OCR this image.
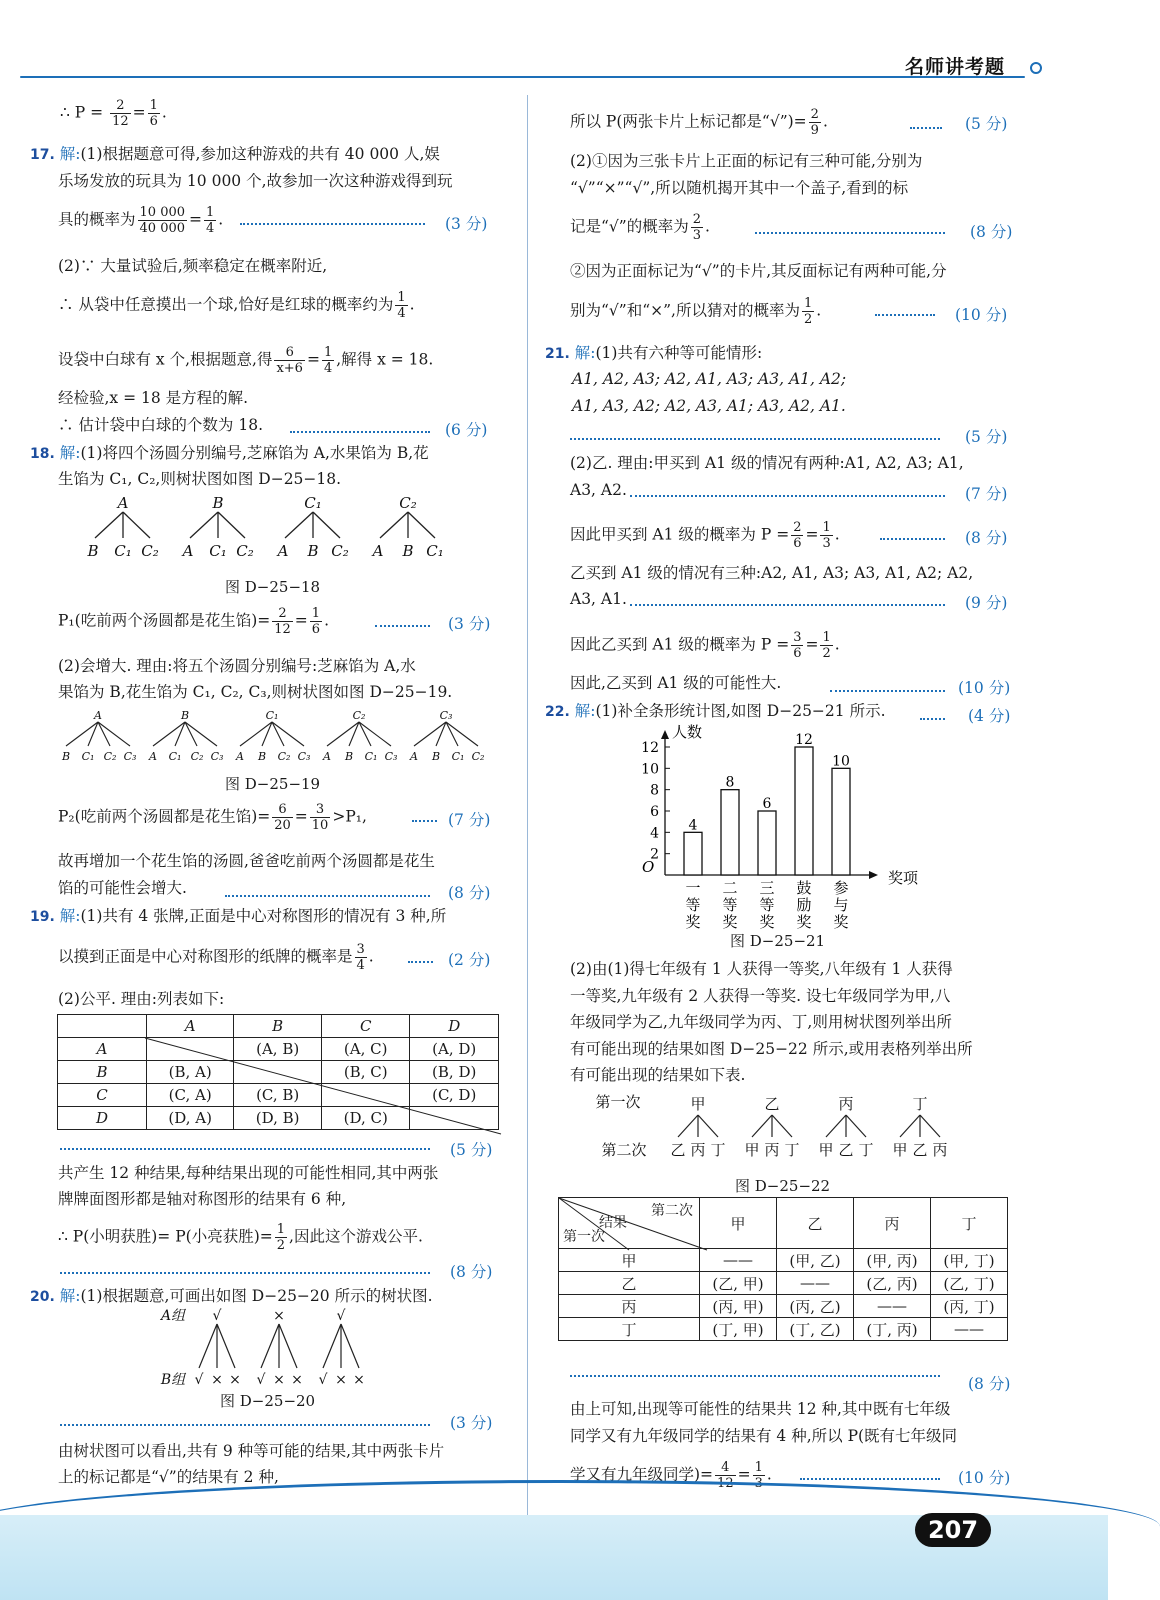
名师讲考题
∴ $P = \frac{2}{12} = \frac{1}{6}$ .
17. 解:(1)根据题意可得,参加这种游戏的共有 40 000 人,娱
乐场发放的玩具为 10 000 个,故参加一次这种游戏得到玩
具的概率为 $\frac{10 000}{40 000} = \frac{1}{4}$ .	(3 分)
(2)∵ 大量试验后,频率稳定在概率附近,
∴ 从袋中任意摸出一个球,恰好是红球的概率约为 $\frac{1}{4}$ .
设袋中白球有 x 个,根据题意,得 $\frac{6}{x+6} = \frac{1}{4}$ ,解得 x = 18.
经检验,x = 18 是方程的解.
∴ 估计袋中白球的个数为 18.	(6 分)
18. 解:(1)将四个汤圆分别编号,芝麻馅为 A,水果馅为 B,花
生馅为 C₁, C₂,则树状图如图 D−25−18.
A	B	C₁	C₂
B C₁ C₂ A C₁ C₂ A B C₂ A B C₁
图 D−25−18
P₁(吃前两个汤圆都是花生馅)= $\frac{2}{12} = \frac{1}{6}$ .	(3 分)
(2)会增大. 理由:将五个汤圆分别编号:芝麻馅为 A,水
果馅为 B,花生馅为 C₁, C₂, C₃,则树状图如图 D−25−19.
A	B	C₁	C₂	C₃
B C₁ C₂ C₃ A C₁ C₂ C₃ A B C₂ C₃ A B C₁ C₃ A B C₁ C₂
图 D−25−19
P₂(吃前两个汤圆都是花生馅)= $\frac{6}{20} = \frac{3}{10} >P_1$,	(7 分)
故再增加一个花生馅的汤圆,爸爸吃前两个汤圆都是花生
馅的可能性会增大.	(8 分)
19. 解:(1)共有 4 张牌,正面是中心对称图形的情况有 3 种,所
以摸到正面是中心对称图形的纸牌的概率是 $\frac{3}{4}$ .	(2 分)
(2)公平. 理由:列表如下:
	A	B	C	D
A		(A, B)	(A, C)	(A, D)
B	(B, A)		(B, C)	(B, D)
C	(C, A)	(C, B)		(C, D)
D	(D, A)	(D, B)	(D, C)	
(5 分)
共产生 12 种结果,每种结果出现的可能性相同,其中两张
牌牌面图形都是轴对称图形的结果有 6 种,
∴ P(小明获胜)= P(小亮获胜)= $\frac{1}{2}$ ,因此这个游戏公平.
(8 分)
20. 解:(1)根据题意,可画出如图 D−25−20 所示的树状图.
A组 √	×	√
B组 √ × × √ × × √ × ×
图 D−25−20
(3 分)
由树状图可以看出,共有 9 种等可能的结果,其中两张卡片
上的标记都是“√”的结果有 2 种,
所以 P(两张卡片上标记都是“√”)= $\frac{2}{9}$ .	(5 分)
(2)①因为三张卡片上正面的标记有三种可能,分别为
“√”“×”“√”,所以随机揭开其中一个盖子,看到的标
记是“√”的概率为 $\frac{2}{3}$ .	(8 分)
②因为正面标记为“√”的卡片,其反面标记有两种可能,分
别为“√”和“×”,所以猜对的概率为 $\frac{1}{2}$ .	(10 分)
21. 解:(1)共有六种等可能情形:
A1, A2, A3; A2, A1, A3; A3, A1, A2;
A1, A3, A2; A2, A3, A1; A3, A2, A1.
(5 分)
(2)乙. 理由:甲买到 A1 级的情况有两种:A1, A2, A3; A1,
A3, A2.	(7 分)
因此甲买到 A1 级的概率为 $P = \frac{2}{6} = \frac{1}{3}$ .	(8 分)
乙买到 A1 级的情况有三种:A2, A1, A3; A3, A1, A2; A2,
A3, A1.	(9 分)
因此乙买到 A1 级的概率为 $P = \frac{3}{6} = \frac{1}{2}$ .
因此,乙买到 A1 级的可能性大.	(10 分)
22. 解:(1)补全条形统计图,如图 D−25−21 所示.	(4 分)
人数
奖项
O
2
4
6
8
10
12
4
一
等
奖
8
二
等
奖
6
三
等
奖
12
鼓
励
奖
10
参
与
奖
图 D−25−21
(2)由(1)得七年级有 1 人获得一等奖,八年级有 1 人获得
一等奖,九年级有 2 人获得一等奖. 设七年级同学为甲,八
年级同学为乙,九年级同学为丙、丁,则用树状图列举出所
有可能出现的结果如图 D−25−22 所示,或用表格列举出所
有可能出现的结果如下表.
第一次	甲	乙	丙	丁
第二次 乙 丙 丁 甲 丙 丁 甲 乙 丁 甲 乙 丙
图 D−25−22
第二次
结果
第一次	甲	乙	丙	丁
甲	——	(甲, 乙)	(甲, 丙)	(甲, 丁)
乙	(乙, 甲)	——	(乙, 丙)	(乙, 丁)
丙	(丙, 甲)	(丙, 乙)	——	(丙, 丁)
丁	(丁, 甲)	(丁, 乙)	(丁, 丙)	——
(8 分)
由上可知,出现等可能性的结果共 12 种,其中既有七年级
同学又有九年级同学的结果有 4 种,所以 P(既有七年级同
学又有九年级同学)= $\frac{4}{12} = \frac{1}{3}$ .	(10 分)
207
